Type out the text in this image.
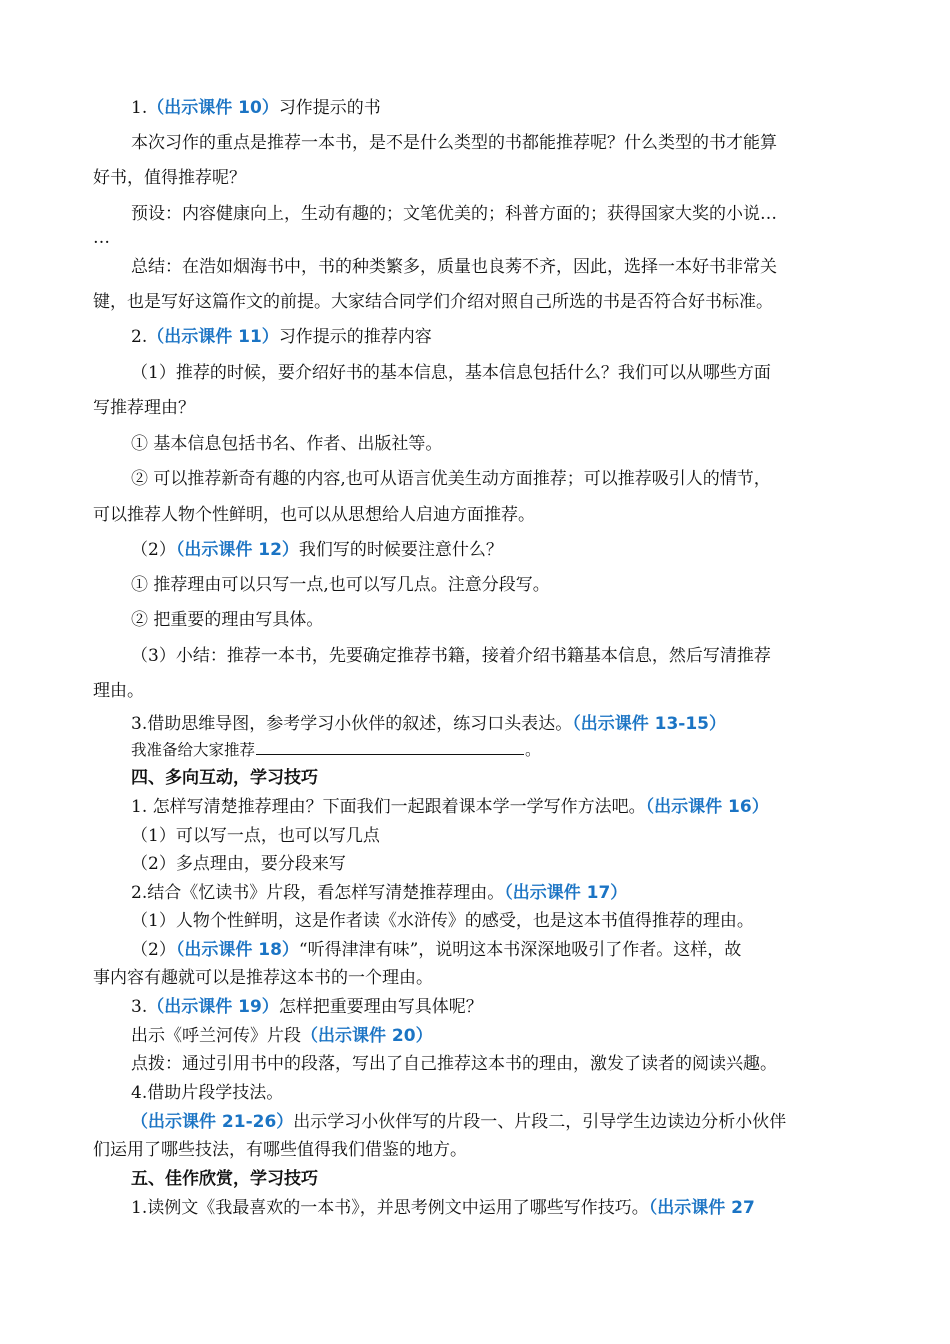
1.（出示课件 10）习作提示的书
本次习作的重点是推荐一本书，是不是什么类型的书都能推荐呢？什么类型的书才能算
好书，值得推荐呢？
预设：内容健康向上，生动有趣的；文笔优美的；科普方面的；获得国家大奖的小说…
…
总结：在浩如烟海书中，书的种类繁多，质量也良莠不齐，因此，选择一本好书非常关
键，也是写好这篇作文的前提。大家结合同学们介绍对照自己所选的书是否符合好书标准。
2.（出示课件 11）习作提示的推荐内容
（1）推荐的时候，要介绍好书的基本信息，基本信息包括什么？我们可以从哪些方面
写推荐理由？
① 基本信息包括书名、作者、出版社等。
② 可以推荐新奇有趣的内容,也可从语言优美生动方面推荐；可以推荐吸引人的情节，
可以推荐人物个性鲜明，也可以从思想给人启迪方面推荐。
（2）（出示课件 12）我们写的时候要注意什么？
① 推荐理由可以只写一点,也可以写几点。注意分段写。
② 把重要的理由写具体。
（3）小结：推荐一本书，先要确定推荐书籍，接着介绍书籍基本信息，然后写清推荐
理由。
3.借助思维导图，参考学习小伙伴的叙述，练习口头表达。（出示课件 13-15）
我准备给大家推荐	。
四、多向互动，学习技巧
1. 怎样写清楚推荐理由？下面我们一起跟着课本学一学写作方法吧。（出示课件 16）
（1）可以写一点，也可以写几点
（2）多点理由，要分段来写
2.结合《忆读书》片段，看怎样写清楚推荐理由。（出示课件 17）
（1）人物个性鲜明，这是作者读《水浒传》的感受，也是这本书值得推荐的理由。
（2）（出示课件 18）“听得津津有味”，说明这本书深深地吸引了作者。这样，故
事内容有趣就可以是推荐这本书的一个理由。
3.（出示课件 19）怎样把重要理由写具体呢？
出示《呼兰河传》片段（出示课件 20）
点拨：通过引用书中的段落，写出了自己推荐这本书的理由，激发了读者的阅读兴趣。
4.借助片段学技法。
（出示课件 21-26）出示学习小伙伴写的片段一、片段二，引导学生边读边分析小伙伴
们运用了哪些技法，有哪些值得我们借鉴的地方。
五、佳作欣赏，学习技巧
1.读例文《我最喜欢的一本书》，并思考例文中运用了哪些写作技巧。（出示课件 27
